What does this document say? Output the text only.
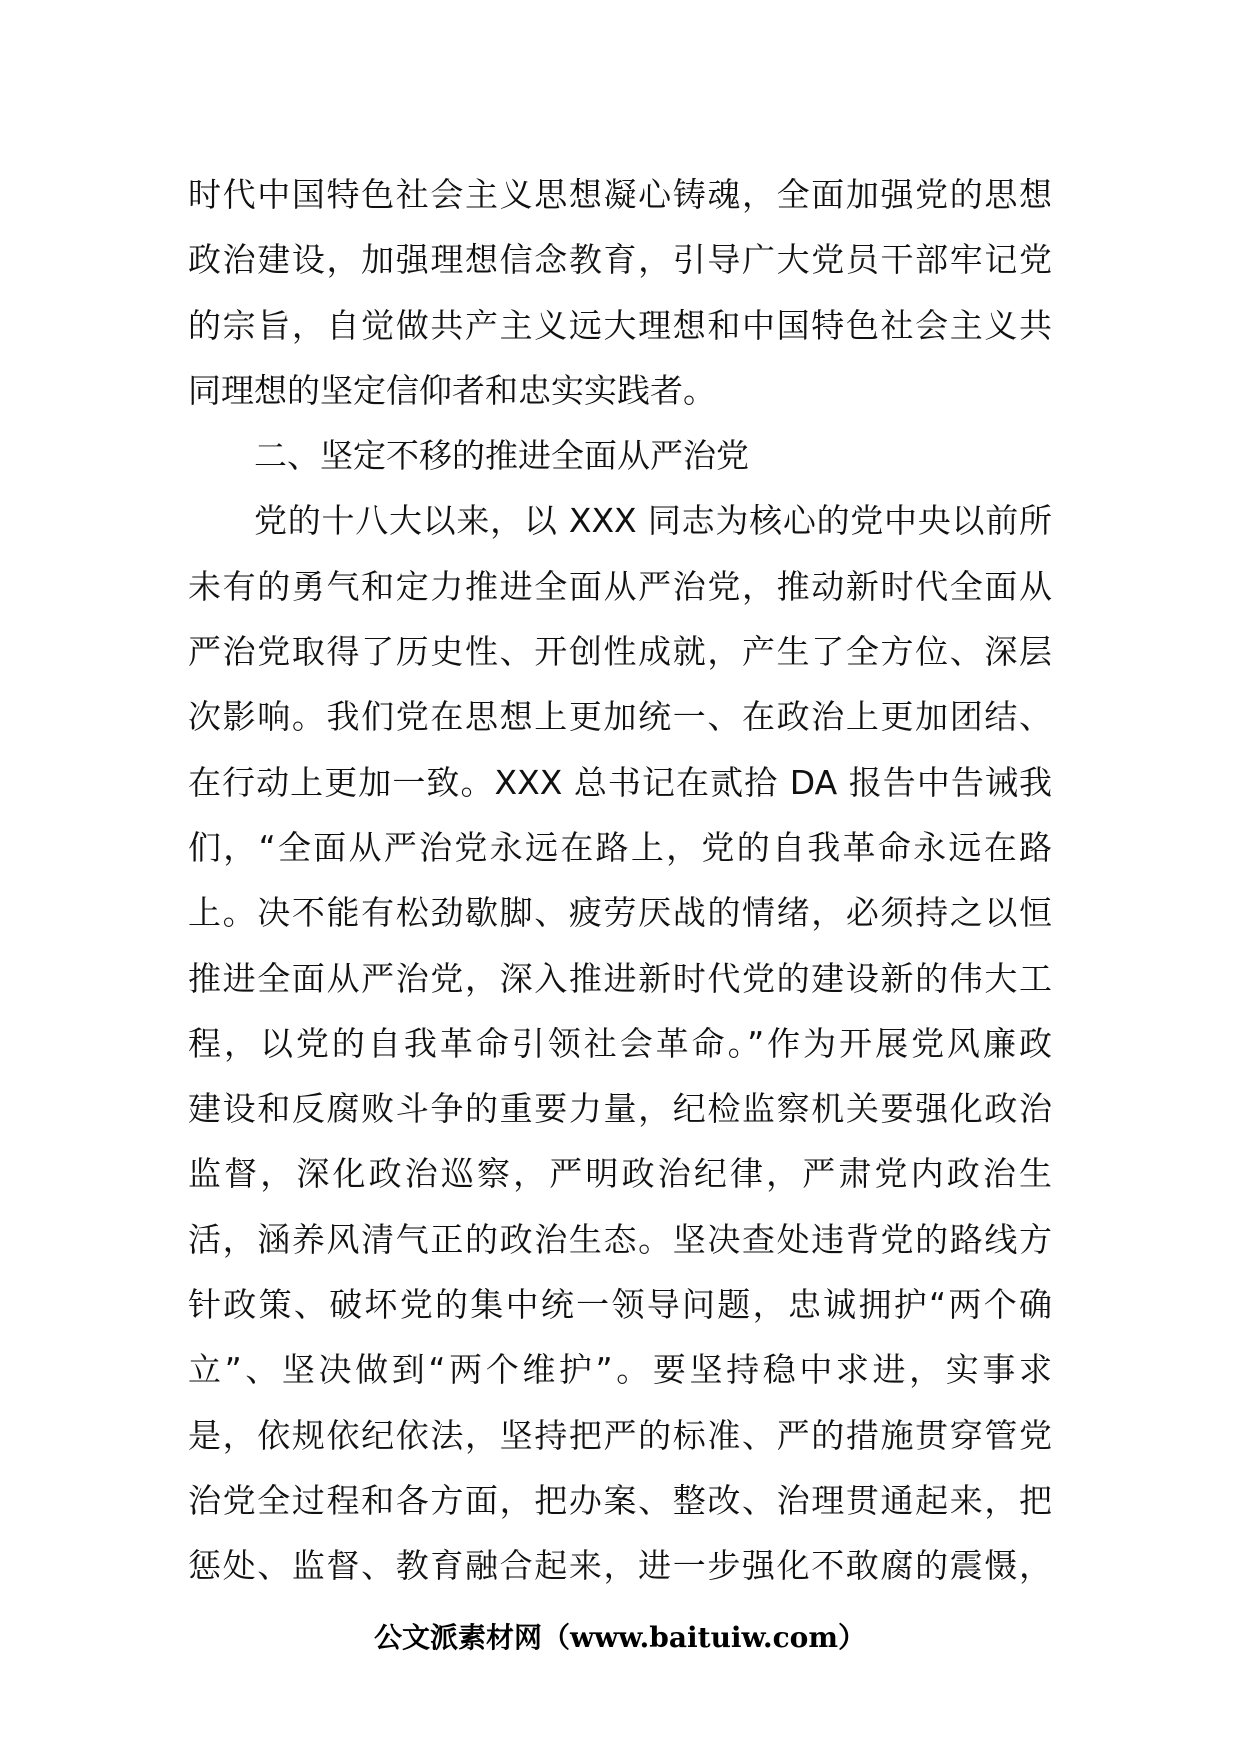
时代中国特色社会主义思想凝心铸魂，全面加强党的思想
政治建设，加强理想信念教育，引导广大党员干部牢记党
的宗旨，自觉做共产主义远大理想和中国特色社会主义共
同理想的坚定信仰者和忠实实践者。
二、坚定不移的推进全面从严治党
党的十八大以来，以 XXX 同志为核心的党中央以前所
未有的勇气和定力推进全面从严治党，推动新时代全面从
严治党取得了历史性、开创性成就，产生了全方位、深层
次影响。我们党在思想上更加统一、在政治上更加团结、
在行动上更加一致。XXX 总书记在贰拾 DA 报告中告诫我
们，“全面从严治党永远在路上，党的自我革命永远在路
上。决不能有松劲歇脚、疲劳厌战的情绪，必须持之以恒
推进全面从严治党，深入推进新时代党的建设新的伟大工
程，以党的自我革命引领社会革命。”作为开展党风廉政
建设和反腐败斗争的重要力量，纪检监察机关要强化政治
监督，深化政治巡察，严明政治纪律，严肃党内政治生
活，涵养风清气正的政治生态。坚决查处违背党的路线方
针政策、破坏党的集中统一领导问题，忠诚拥护“两个确
立”、坚决做到“两个维护”。要坚持稳中求进，实事求
是，依规依纪依法，坚持把严的标准、严的措施贯穿管党
治党全过程和各方面，把办案、整改、治理贯通起来，把
惩处、监督、教育融合起来，进一步强化不敢腐的震慑，
公文派素材网（www.baituiw.com）
